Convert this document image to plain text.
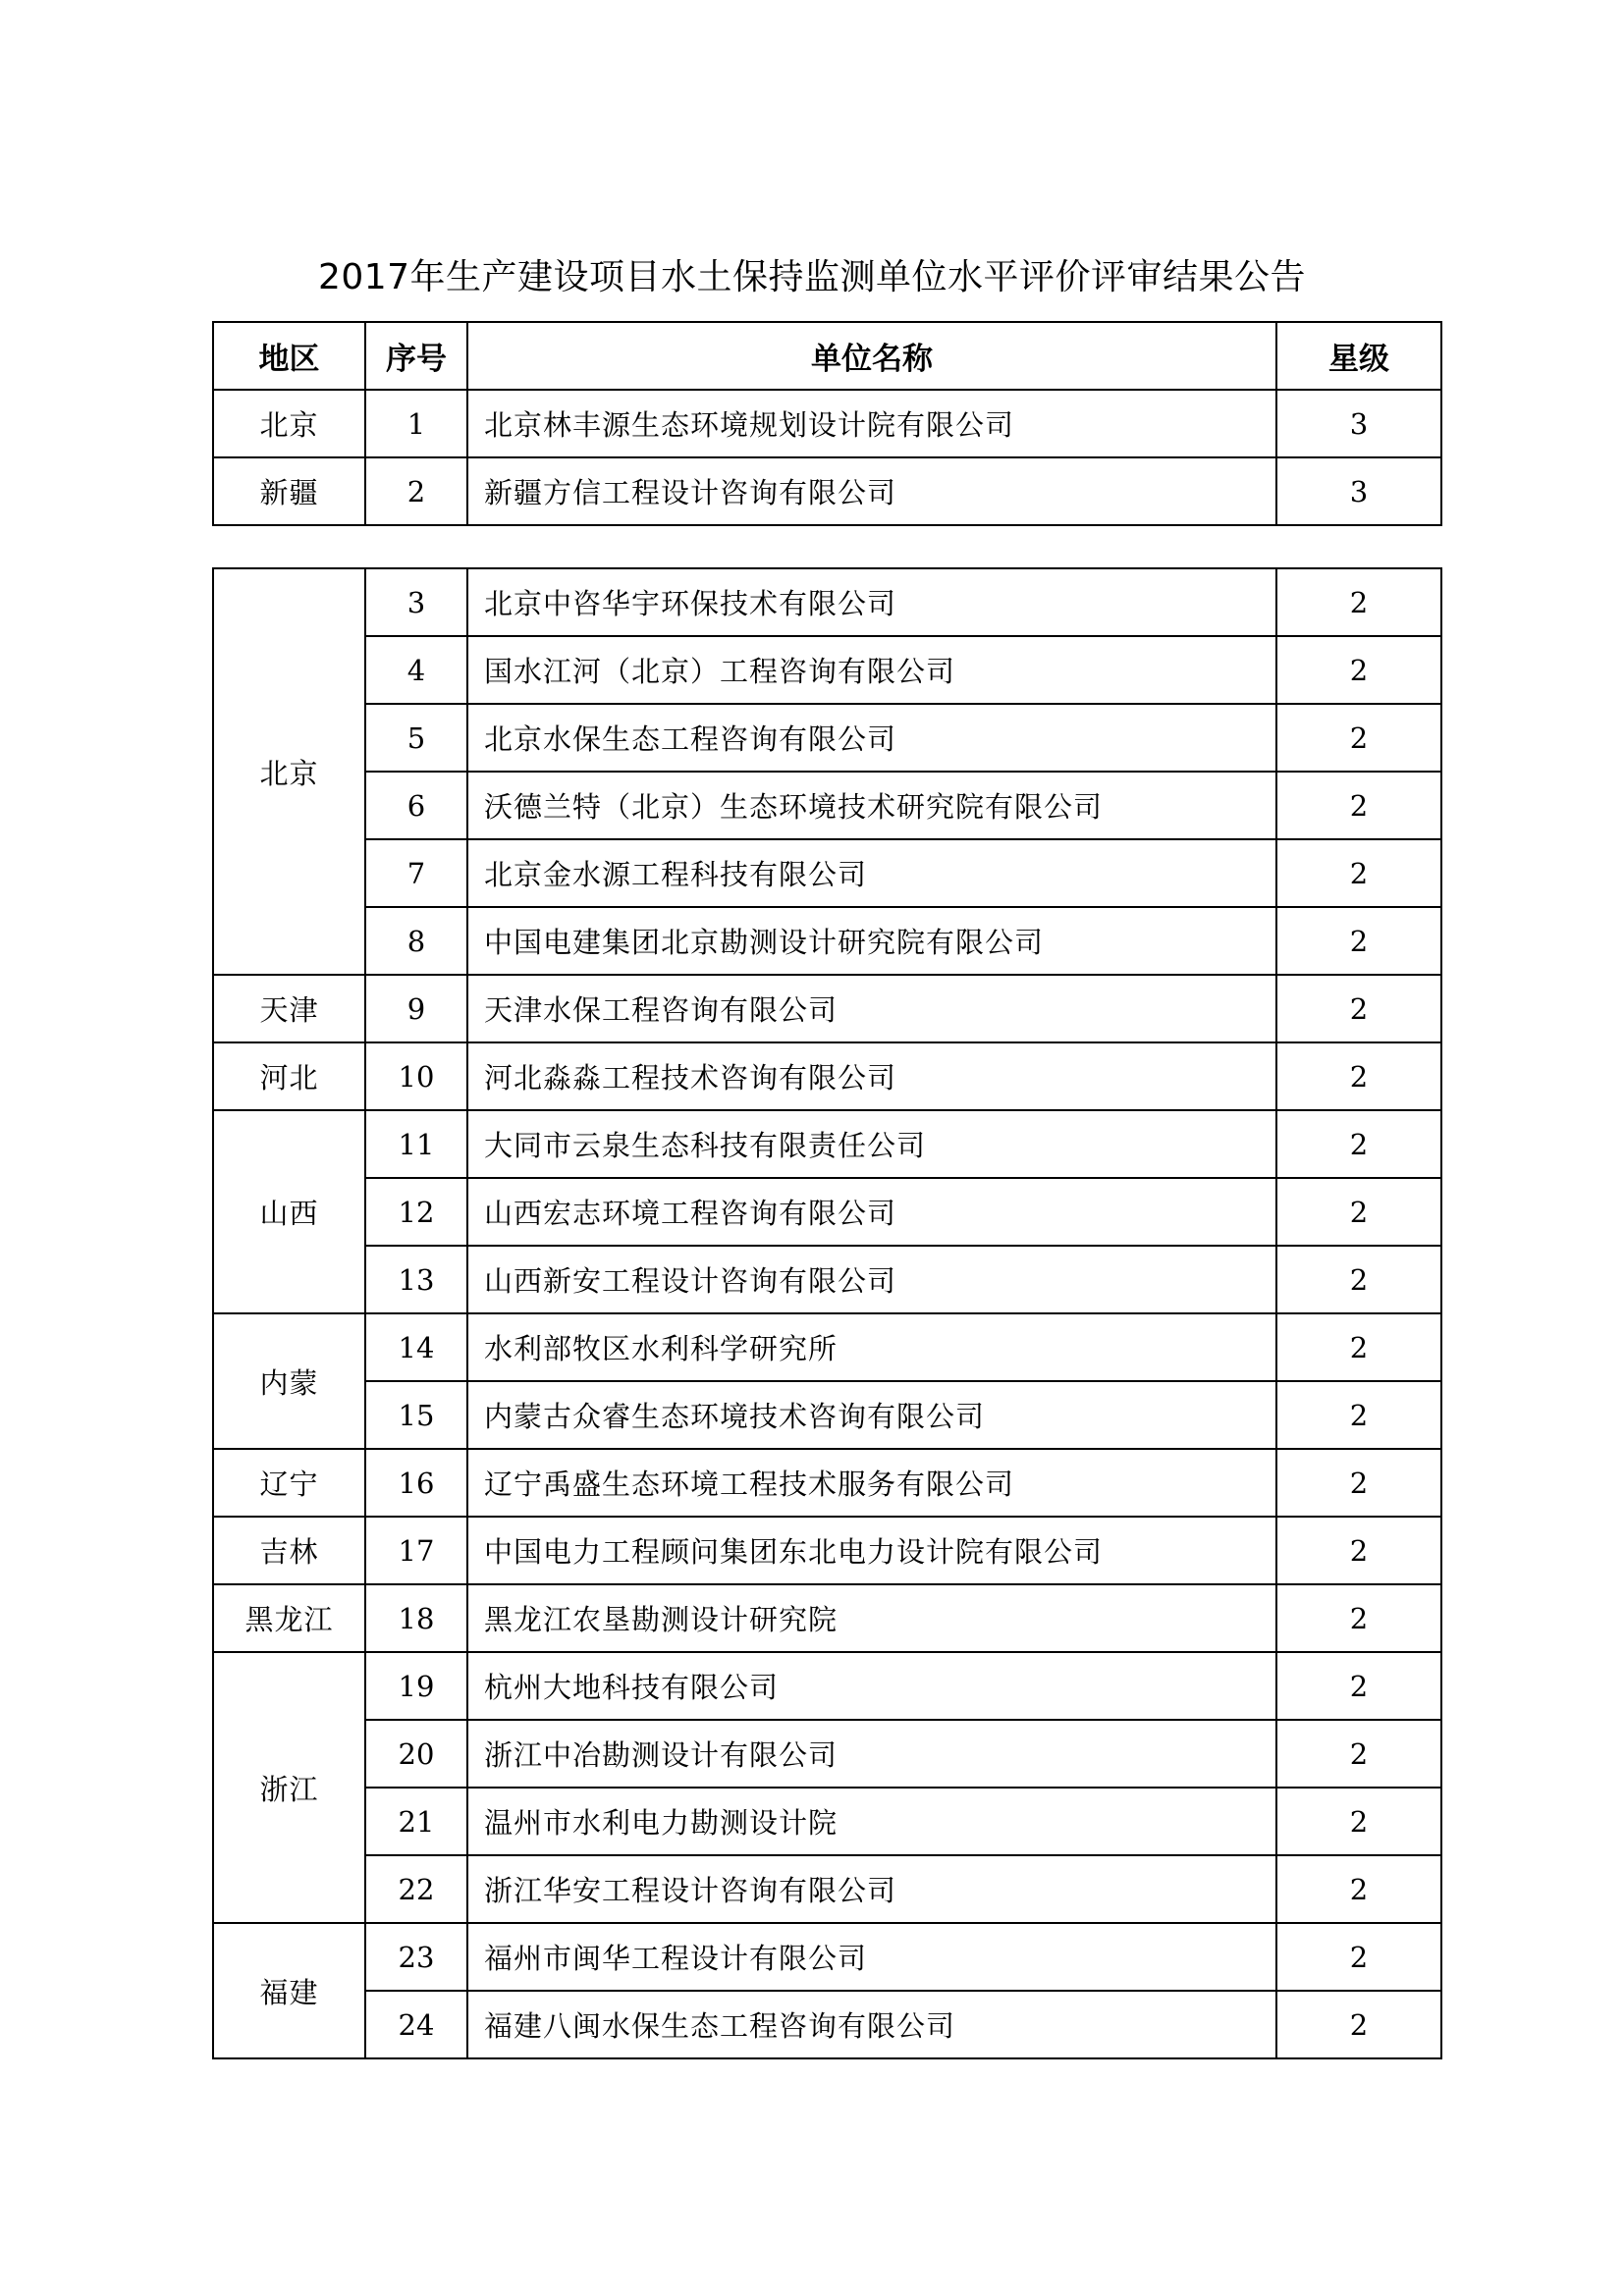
2017年生产建设项目水土保持监测单位水平评价评审结果公告
地区	序号	单位名称	星级
北京	1	北京林丰源生态环境规划设计院有限公司	3
新疆	2	新疆方信工程设计咨询有限公司	3
北京	3	北京中咨华宇环保技术有限公司	2
	4	国水江河（北京）工程咨询有限公司	2
	5	北京水保生态工程咨询有限公司	2
	6	沃德兰特（北京）生态环境技术研究院有限公司	2
	7	北京金水源工程科技有限公司	2
	8	中国电建集团北京勘测设计研究院有限公司	2
天津	9	天津水保工程咨询有限公司	2
河北	10	河北淼淼工程技术咨询有限公司	2
山西	11	大同市云泉生态科技有限责任公司	2
	12	山西宏志环境工程咨询有限公司	2
	13	山西新安工程设计咨询有限公司	2
内蒙	14	水利部牧区水利科学研究所	2
	15	内蒙古众睿生态环境技术咨询有限公司	2
辽宁	16	辽宁禹盛生态环境工程技术服务有限公司	2
吉林	17	中国电力工程顾问集团东北电力设计院有限公司	2
黑龙江	18	黑龙江农垦勘测设计研究院	2
浙江	19	杭州大地科技有限公司	2
	20	浙江中冶勘测设计有限公司	2
	21	温州市水利电力勘测设计院	2
	22	浙江华安工程设计咨询有限公司	2
福建	23	福州市闽华工程设计有限公司	2
	24	福建八闽水保生态工程咨询有限公司	2
